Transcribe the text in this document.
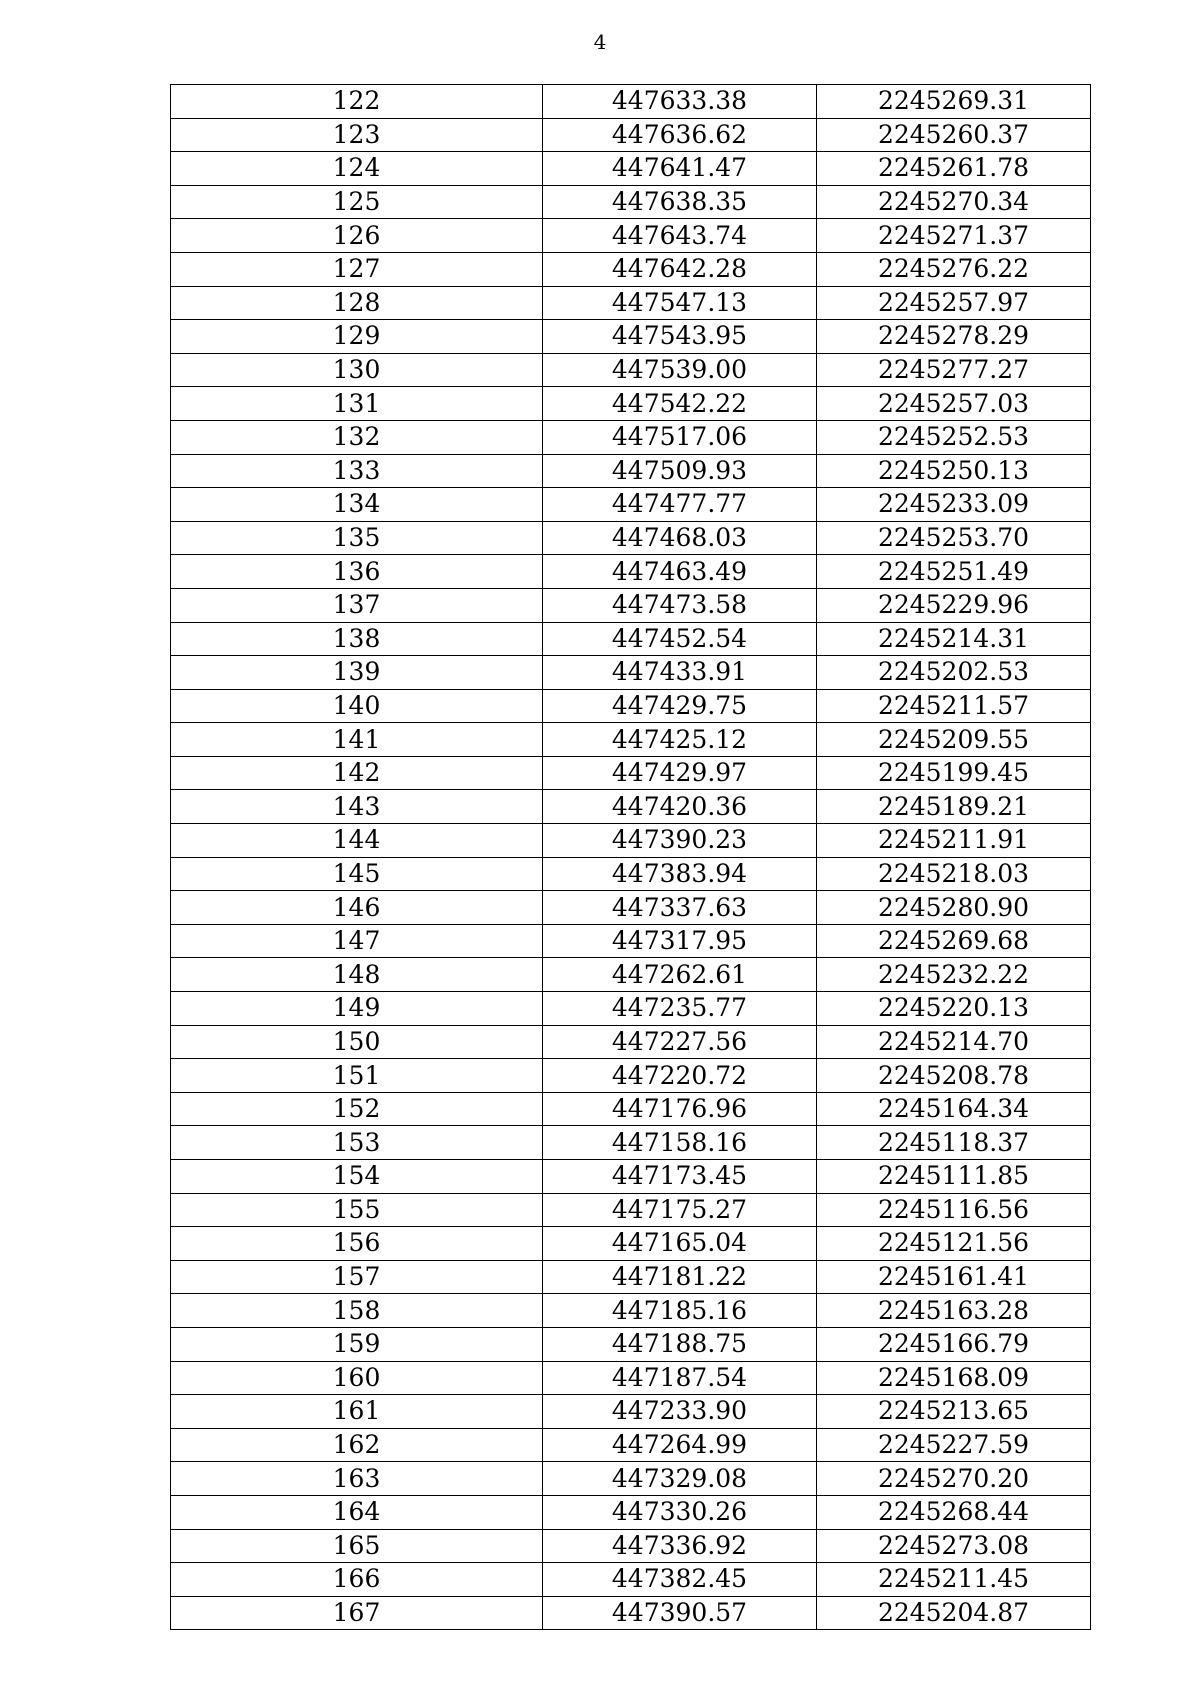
4
122	447633.38	2245269.31
123	447636.62	2245260.37
124	447641.47	2245261.78
125	447638.35	2245270.34
126	447643.74	2245271.37
127	447642.28	2245276.22
128	447547.13	2245257.97
129	447543.95	2245278.29
130	447539.00	2245277.27
131	447542.22	2245257.03
132	447517.06	2245252.53
133	447509.93	2245250.13
134	447477.77	2245233.09
135	447468.03	2245253.70
136	447463.49	2245251.49
137	447473.58	2245229.96
138	447452.54	2245214.31
139	447433.91	2245202.53
140	447429.75	2245211.57
141	447425.12	2245209.55
142	447429.97	2245199.45
143	447420.36	2245189.21
144	447390.23	2245211.91
145	447383.94	2245218.03
146	447337.63	2245280.90
147	447317.95	2245269.68
148	447262.61	2245232.22
149	447235.77	2245220.13
150	447227.56	2245214.70
151	447220.72	2245208.78
152	447176.96	2245164.34
153	447158.16	2245118.37
154	447173.45	2245111.85
155	447175.27	2245116.56
156	447165.04	2245121.56
157	447181.22	2245161.41
158	447185.16	2245163.28
159	447188.75	2245166.79
160	447187.54	2245168.09
161	447233.90	2245213.65
162	447264.99	2245227.59
163	447329.08	2245270.20
164	447330.26	2245268.44
165	447336.92	2245273.08
166	447382.45	2245211.45
167	447390.57	2245204.87
